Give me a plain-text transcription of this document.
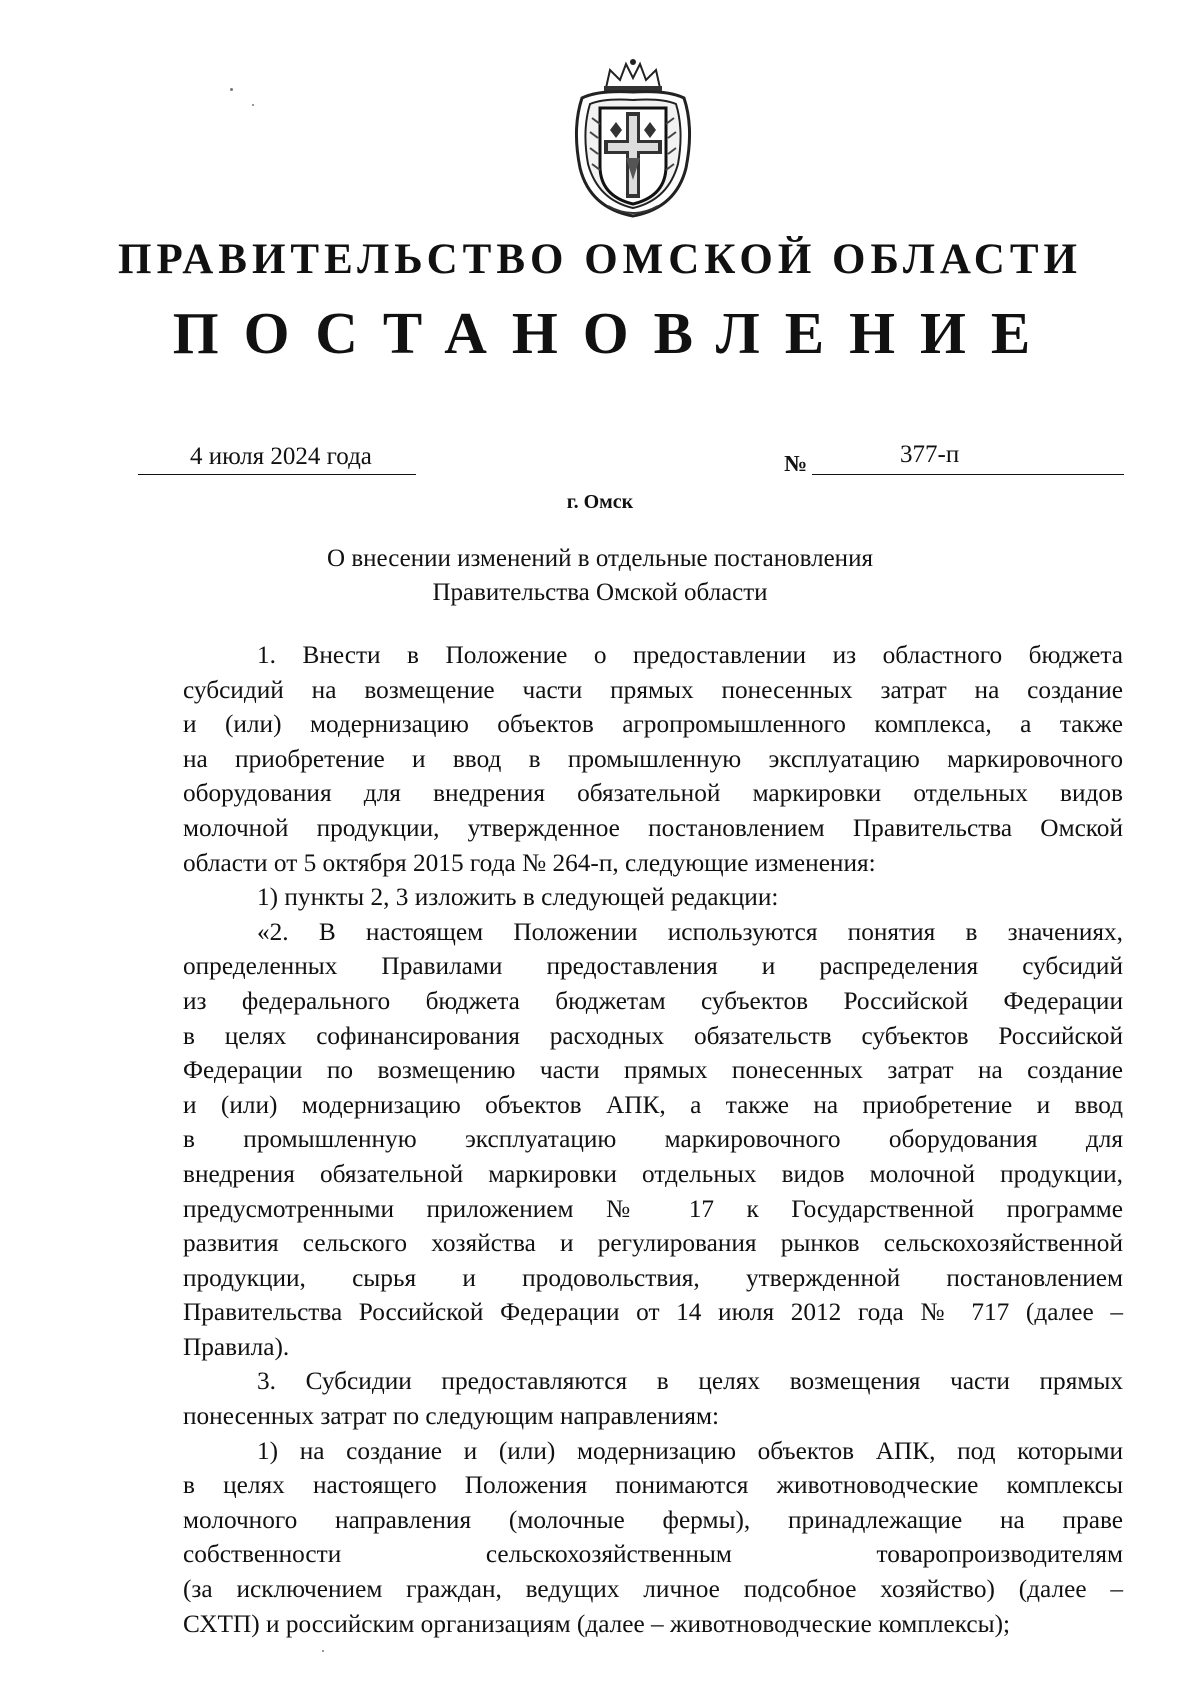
ПРАВИТЕЛЬСТВО ОМСКОЙ ОБЛАСТИ
ПОСТАНОВЛЕНИЕ
4 июля 2024 года	№	377-п
г. Омск
О внесении изменений в отдельные постановления
Правительства Омской области
1. Внести в Положение о предоставлении из областного бюджета
субсидий на возмещение части прямых понесенных затрат на создание
и (или) модернизацию объектов агропромышленного комплекса, а также
на приобретение и ввод в промышленную эксплуатацию маркировочного
оборудования для внедрения обязательной маркировки отдельных видов
молочной продукции, утвержденное постановлением Правительства Омской
области от 5 октября 2015 года № 264-п, следующие изменения:
1) пункты 2, 3 изложить в следующей редакции:
«2. В настоящем Положении используются понятия в значениях,
определенных Правилами предоставления и распределения субсидий
из федерального бюджета бюджетам субъектов Российской Федерации
в целях софинансирования расходных обязательств субъектов Российской
Федерации по возмещению части прямых понесенных затрат на создание
и (или) модернизацию объектов АПК, а также на приобретение и ввод
в промышленную эксплуатацию маркировочного оборудования для
внедрения обязательной маркировки отдельных видов молочной продукции,
предусмотренными приложением № 17 к Государственной программе
развития сельского хозяйства и регулирования рынков сельскохозяйственной
продукции, сырья и продовольствия, утвержденной постановлением
Правительства Российской Федерации от 14 июля 2012 года № 717 (далее –
Правила).
3. Субсидии предоставляются в целях возмещения части прямых
понесенных затрат по следующим направлениям:
1) на создание и (или) модернизацию объектов АПК, под которыми
в целях настоящего Положения понимаются животноводческие комплексы
молочного направления (молочные фермы), принадлежащие на праве
собственности сельскохозяйственным товаропроизводителям
(за исключением граждан, ведущих личное подсобное хозяйство) (далее –
СХТП) и российским организациям (далее – животноводческие комплексы);
